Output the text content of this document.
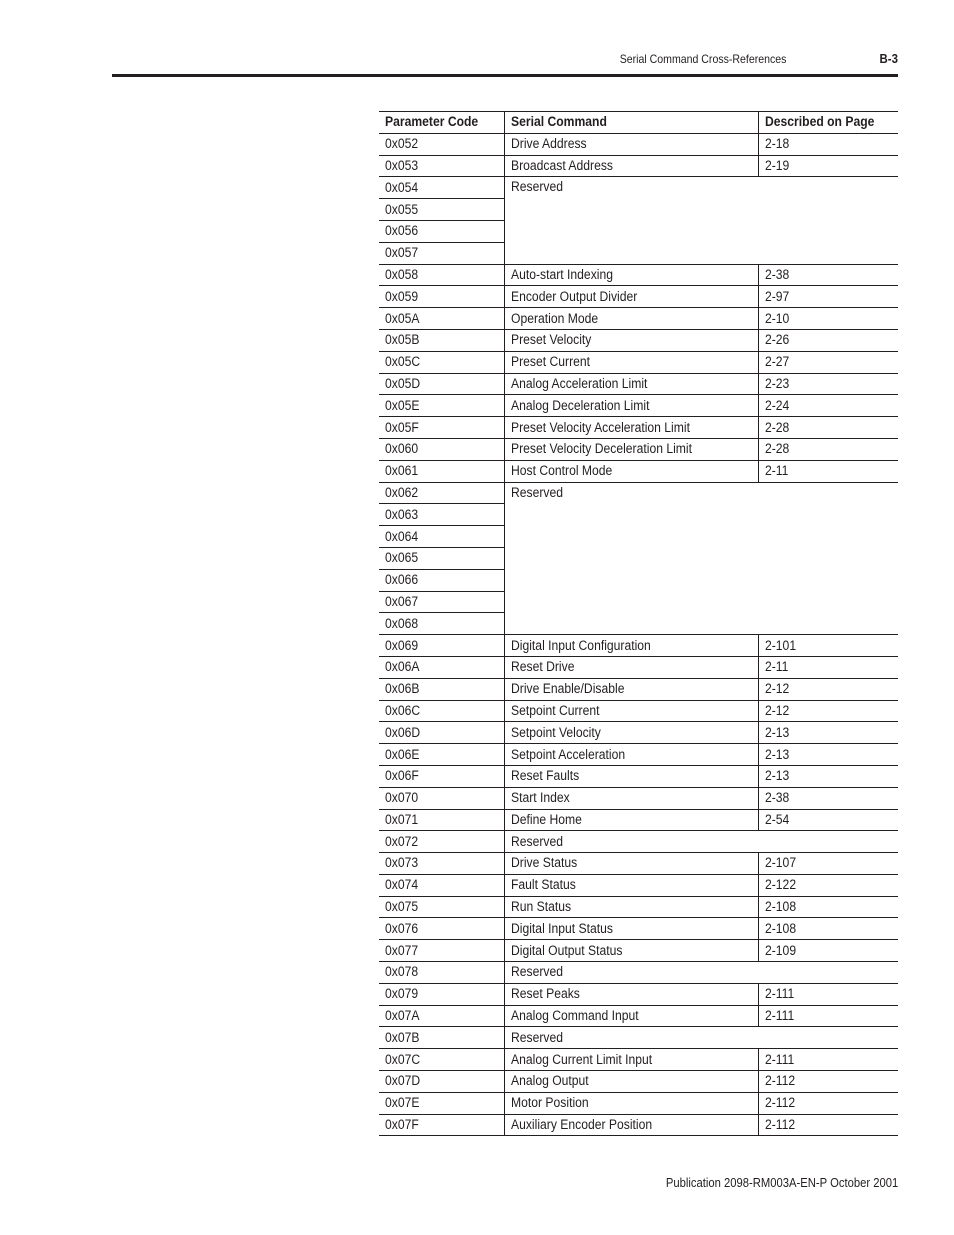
Serial Command Cross-References	B-3
Parameter Code	Serial Command	Described on Page
0x052	Drive Address	2-18
0x053	Broadcast Address	2-19
0x054	Reserved	
0x055		
0x056		
0x057		
0x058	Auto-start Indexing	2-38
0x059	Encoder Output Divider	2-97
0x05A	Operation Mode	2-10
0x05B	Preset Velocity	2-26
0x05C	Preset Current	2-27
0x05D	Analog Acceleration Limit	2-23
0x05E	Analog Deceleration Limit	2-24
0x05F	Preset Velocity Acceleration Limit	2-28
0x060	Preset Velocity Deceleration Limit	2-28
0x061	Host Control Mode	2-11
0x062	Reserved	
0x063		
0x064		
0x065		
0x066		
0x067		
0x068		
0x069	Digital Input Configuration	2-101
0x06A	Reset Drive	2-11
0x06B	Drive Enable/Disable	2-12
0x06C	Setpoint Current	2-12
0x06D	Setpoint Velocity	2-13
0x06E	Setpoint Acceleration	2-13
0x06F	Reset Faults	2-13
0x070	Start Index	2-38
0x071	Define Home	2-54
0x072	Reserved	
0x073	Drive Status	2-107
0x074	Fault Status	2-122
0x075	Run Status	2-108
0x076	Digital Input Status	2-108
0x077	Digital Output Status	2-109
0x078	Reserved	
0x079	Reset Peaks	2-111
0x07A	Analog Command Input	2-111
0x07B	Reserved	
0x07C	Analog Current Limit Input	2-111
0x07D	Analog Output	2-112
0x07E	Motor Position	2-112
0x07F	Auxiliary Encoder Position	2-112
Publication 2098-RM003A-EN-P October 2001
